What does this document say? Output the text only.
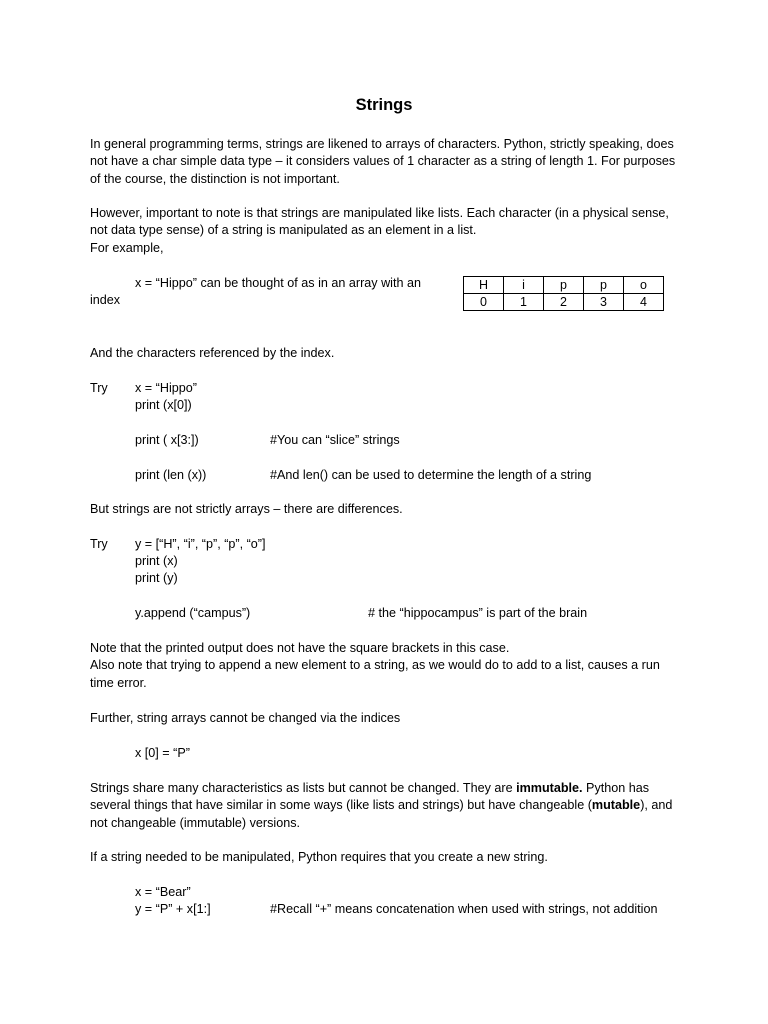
Strings
In general programming terms, strings are likened to arrays of characters. Python, strictly speaking, does not have a char simple data type – it considers values of 1 character as a string of length 1. For purposes of the course, the distinction is not important.
However, important to note is that strings are manipulated like lists. Each character (in a physical sense, not data type sense) of a string is manipulated as an element in a list.
For example,
x = “Hippo” can be thought of as in an array with an
index
H	i	p	p	o
0	1	2	3	4
And the characters referenced by the index.
Try x = “Hippo”
print (x[0])
print ( x[3:])	#You can “slice” strings
print (len (x))	#And len() can be used to determine the length of a string
But strings are not strictly arrays – there are differences.
Try y = [“H”, “i”, “p”, “p”, “o”]
print (x)
print (y)
y.append (“campus”)	# the “hippocampus” is part of the brain
Note that the printed output does not have the square brackets in this case.
Also note that trying to append a new element to a string, as we would do to add to a list, causes a run time error.
Further, string arrays cannot be changed via the indices
x [0] = “P”
Strings share many characteristics as lists but cannot be changed. They are immutable. Python has several things that have similar in some ways (like lists and strings) but have changeable (mutable), and not changeable (immutable) versions.
If a string needed to be manipulated, Python requires that you create a new string.
x = “Bear”
y = “P” + x[1:]	#Recall “+” means concatenation when used with strings, not addition
